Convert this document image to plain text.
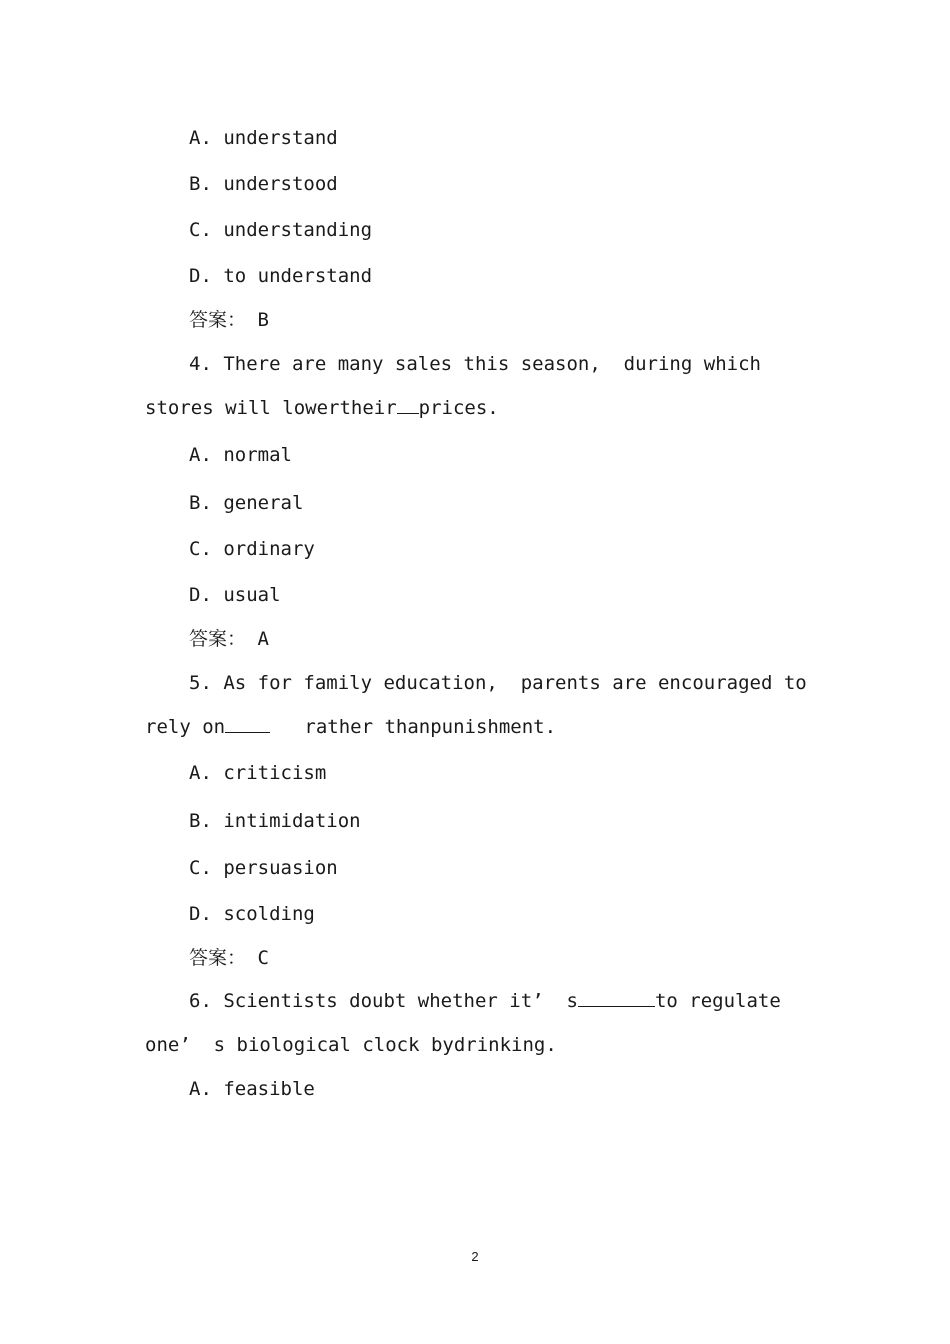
A. understand
B. understood
C. understanding
D. to understand
答案： B
4. There are many sales this season,  during which
stores will lowertheir prices.
A. normal
B. general
C. ordinary
D. usual
答案： A
5. As for family education,  parents are encouraged to
rely on   rather thanpunishment.
A. criticism
B. intimidation
C. persuasion
D. scolding
答案： C
6. Scientists doubt whether it’  s	to regulate
one’  s biological clock bydrinking.
A. feasible
2
